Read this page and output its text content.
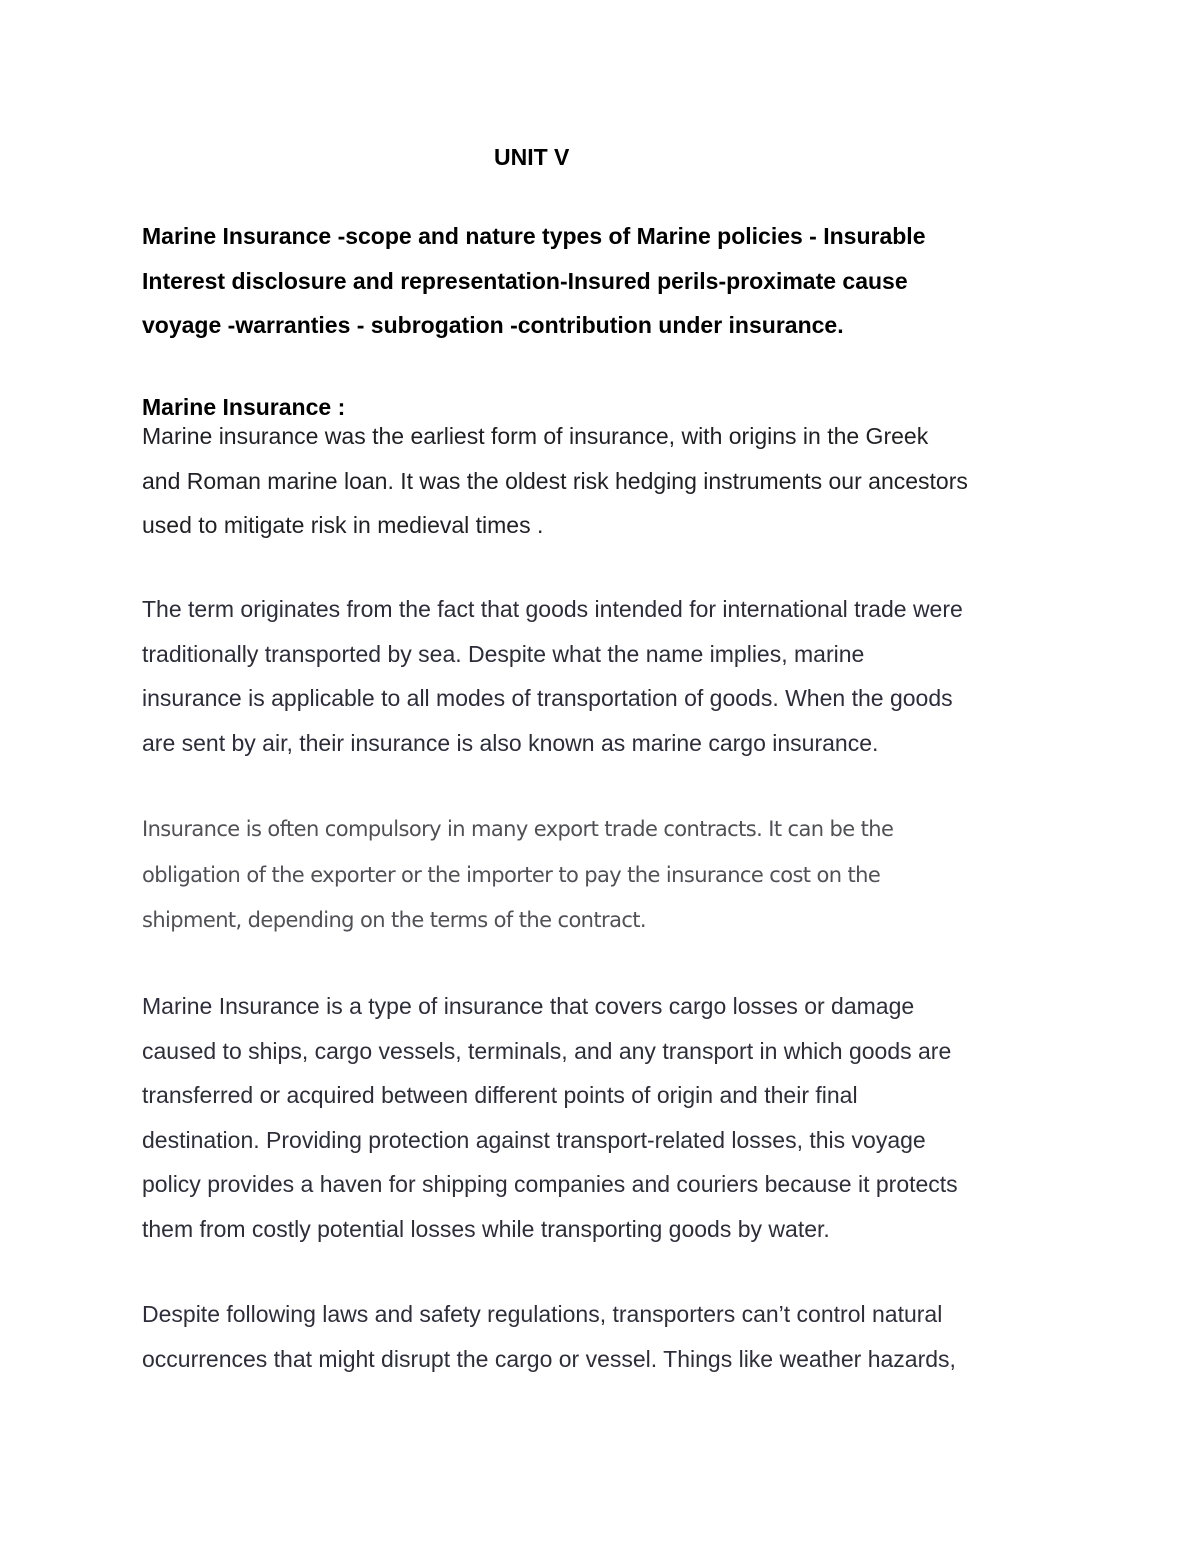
UNIT V

Marine Insurance -scope and nature types of Marine policies - Insurable
Interest disclosure and representation-Insured perils-proximate cause
voyage -warranties - subrogation -contribution under insurance.

Marine Insurance :

Marine insurance was the earliest form of insurance, with origins in the Greek
and Roman marine loan. It was the oldest risk hedging instruments our ancestors
used to mitigate risk in medieval times .

The term originates from the fact that goods intended for international trade were
traditionally transported by sea. Despite what the name implies, marine
insurance is applicable to all modes of transportation of goods. When the goods
are sent by air, their insurance is also known as marine cargo insurance.

Insurance is often compulsory in many export trade contracts. It can be the
obligation of the exporter or the importer to pay the insurance cost on the
shipment, depending on the terms of the contract.

Marine Insurance is a type of insurance that covers cargo losses or damage
caused to ships, cargo vessels, terminals, and any transport in which goods are
transferred or acquired between different points of origin and their final
destination. Providing protection against transport-related losses, this voyage
policy provides a haven for shipping companies and couriers because it protects
them from costly potential losses while transporting goods by water.

Despite following laws and safety regulations, transporters can’t control natural
occurrences that might disrupt the cargo or vessel. Things like weather hazards,
